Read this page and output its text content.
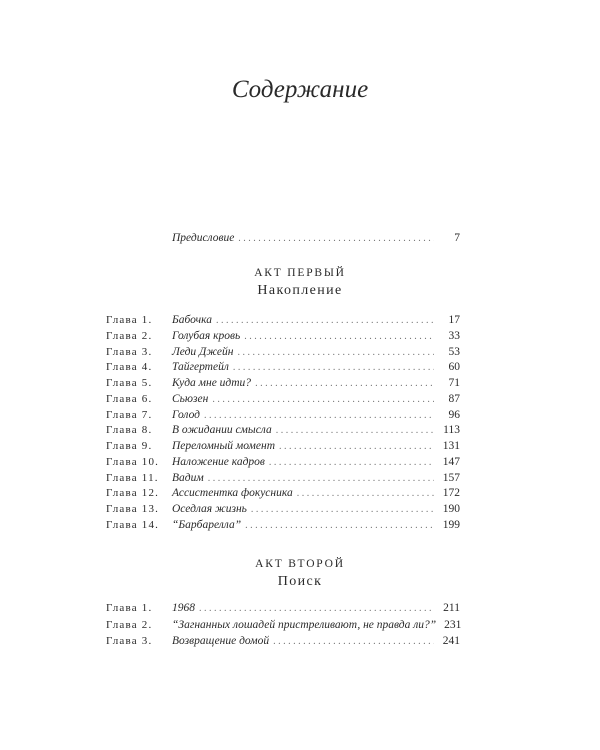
Содержание
Предисловие .....	7
АКТ ПЕРВЫЙ
Накопление
Глава 1. Бабочка .....	17
Глава 2. Голубая кровь .....	33
Глава 3. Леди Джейн .....	53
Глава 4. Тайгертейл .....	60
Глава 5. Куда мне идти? .....	71
Глава 6. Сьюзен .....	87
Глава 7. Голод .....	96
Глава 8. В ожидании смысла .....	113
Глава 9. Переломный момент .....	131
Глава 10. Наложение кадров .....	147
Глава 11. Вадим .....	157
Глава 12. Ассистентка фокусника .....	172
Глава 13. Оседлая жизнь .....	190
Глава 14. “Барбарелла” .....	199
АКТ ВТОРОЙ
Поиск
Глава 1. 1968 .....	211
Глава 2. “Загнанных лошадей пристреливают, не правда ли?” 231
Глава 3. Возвращение домой .....	241
